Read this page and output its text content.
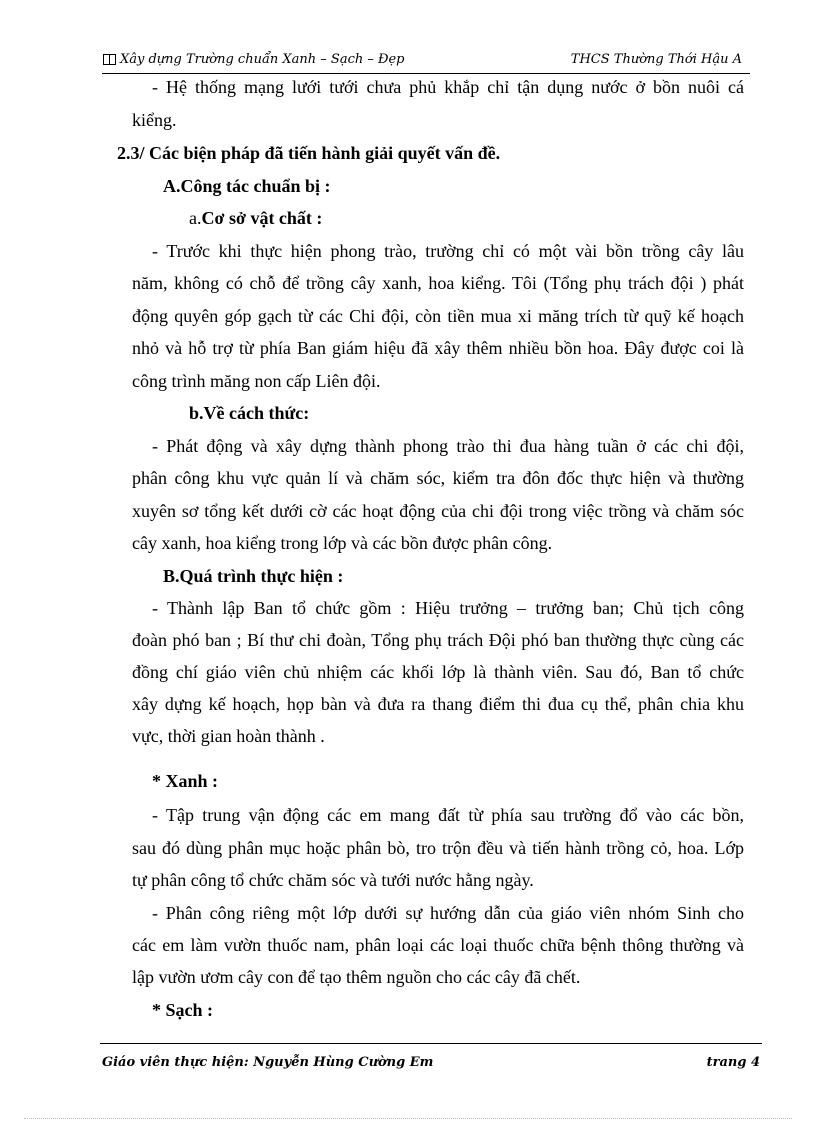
Xây dựng Trường chuẩn Xanh – Sạch – Đẹp	THCS Thường Thới Hậu A
- Hệ thống mạng lưới tưới chưa phủ khắp chỉ tận dụng nước ở bồn nuôi cá
kiểng.
2.3/ Các biện pháp đã tiến hành giải quyết vấn đề.
A.Công tác chuẩn bị :
a.Cơ sở vật chất :
- Trước khi thực hiện phong trào, trường chỉ có một vài bồn trồng cây lâu
năm, không có chỗ để trồng cây xanh, hoa kiểng. Tôi (Tổng phụ trách đội ) phát
động quyên góp gạch từ các Chi đội, còn tiền mua xi măng trích từ quỹ kế hoạch
nhỏ và hỗ trợ từ phía Ban giám hiệu đã xây thêm nhiều bồn hoa. Đây được coi là
công trình măng non cấp Liên đội.
b.Về cách thức:
- Phát động và xây dựng thành phong trào thi đua hàng tuần ở các chi đội,
phân công khu vực quản lí và chăm sóc, kiểm tra đôn đốc thực hiện và thường
xuyên sơ tổng kết dưới cờ các hoạt động của chi đội trong việc trồng và chăm sóc
cây xanh, hoa kiểng trong lớp và các bồn được phân công.
B.Quá trình thực hiện :
- Thành lập Ban tổ chức gồm : Hiệu trưởng – trưởng ban; Chủ tịch công
đoàn phó ban ; Bí thư chi đoàn, Tổng phụ trách Đội phó ban thường thực cùng các
đồng chí giáo viên chủ nhiệm các khối lớp là thành viên. Sau đó, Ban tổ chức
xây dựng kế hoạch, họp bàn và đưa ra thang điểm thi đua cụ thể, phân chia khu
vực, thời gian hoàn thành .
* Xanh :
- Tập trung vận động các em mang đất từ phía sau trường đổ vào các bồn,
sau đó dùng phân mục hoặc phân bò, tro trộn đều và tiến hành trồng cỏ, hoa. Lớp
tự phân công tổ chức chăm sóc và tưới nước hằng ngày.
- Phân công riêng một lớp dưới sự hướng dẫn của giáo viên nhóm Sinh cho
các em làm vườn thuốc nam, phân loại các loại thuốc chữa bệnh thông thường và
lập vườn ươm cây con để tạo thêm nguồn cho các cây đã chết.
* Sạch :
Giáo viên thực hiện: Nguyễn Hùng Cường Em	trang 4
